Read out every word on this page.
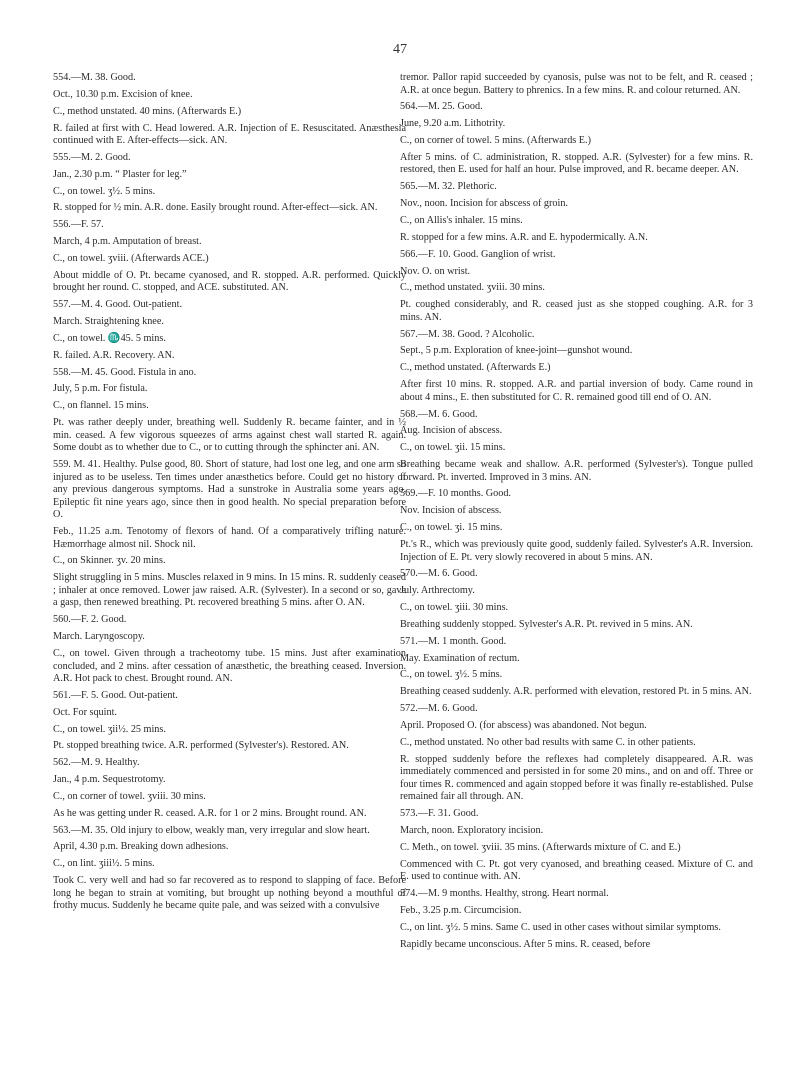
47

554.—M. 38. Good.

Oct., 10.30 p.m. Excision of knee.

C., method unstated. 40 mins. (Afterwards E.)

R. failed at first with C. Head lowered. A.R. Injection of E. Resuscitated. Anæsthesia continued with E. After-effects—sick. AN.

555.—M. 2. Good.

Jan., 2.30 p.m. “ Plaster for leg.”

C., on towel. ʒ½. 5 mins.

R. stopped for ½ min. A.R. done. Easily brought round. After-effect—sick. AN.

556.—F. 57.

March, 4 p.m. Amputation of breast.

C., on towel. ʒviii. (Afterwards ACE.)

About middle of O. Pt. became cyanosed, and R. stopped. A.R. performed. Quickly brought her round. C. stopped, and ACE. substituted. AN.

557.—M. 4. Good. Out-patient.

March. Straightening knee.

C., on towel. ♏45. 5 mins.

R. failed. A.R. Recovery. AN.

558.—M. 45. Good. Fistula in ano.

July, 5 p.m. For fistula.

C., on flannel. 15 mins.

Pt. was rather deeply under, breathing well. Suddenly R. became fainter, and in ½ min. ceased. A few vigorous squeezes of arms against chest wall started R. again. Some doubt as to whether due to C., or to cutting through the sphincter ani. AN.

559. M. 41. Healthy. Pulse good, 80. Short of stature, had lost one leg, and one arm so injured as to be useless. Ten times under anæsthetics before. Could get no history of any previous dangerous symptoms. Had a sunstroke in Australia some years ago. Epileptic fit nine years ago, since then in good health. No special preparation before O.

Feb., 11.25 a.m. Tenotomy of flexors of hand. Of a comparatively trifling nature. Hæmorrhage almost nil. Shock nil.

C., on Skinner. ʒv. 20 mins.

Slight struggling in 5 mins. Muscles relaxed in 9 mins. In 15 mins. R. suddenly ceased ; inhaler at once removed. Lower jaw raised. A.R. (Sylvester). In a second or so, gave a gasp, then renewed breathing. Pt. recovered breathing 5 mins. after O. AN.

560.—F. 2. Good.

March. Laryngoscopy.

C., on towel. Given through a tracheotomy tube. 15 mins. Just after examination concluded, and 2 mins. after cessation of anæsthetic, the breathing ceased. Inversion. A.R. Hot pack to chest. Brought round. AN.

561.—F. 5. Good. Out-patient.

Oct. For squint.

C., on towel. ʒii½. 25 mins.

Pt. stopped breathing twice. A.R. performed (Sylvester's). Restored. AN.

562.—M. 9. Healthy.

Jan., 4 p.m. Sequestrotomy.

C., on corner of towel. ʒviii. 30 mins.

As he was getting under R. ceased. A.R. for 1 or 2 mins. Brought round. AN.

563.—M. 35. Old injury to elbow, weakly man, very irregular and slow heart.

April, 4.30 p.m. Breaking down adhesions.

C., on lint. ʒiii½. 5 mins.

Took C. very well and had so far recovered as to respond to slapping of face. Before long he began to strain at vomiting, but brought up nothing beyond a mouthful of frothy mucus. Suddenly he became quite pale, and was seized with a convulsive

tremor. Pallor rapid succeeded by cyanosis, pulse was not to be felt, and R. ceased ; A.R. at once begun. Battery to phrenics. In a few mins. R. and colour returned. AN.

564.—M. 25. Good.

June, 9.20 a.m. Lithotrity.

C., on corner of towel. 5 mins. (Afterwards E.)

After 5 mins. of C. administration, R. stopped. A.R. (Sylvester) for a few mins. R. restored, then E. used for half an hour. Pulse improved, and R. became deeper. AN.

565.—M. 32. Plethoric.

Nov., noon. Incision for abscess of groin.

C., on Allis's inhaler. 15 mins.

R. stopped for a few mins. A.R. and E. hypodermically. A.N.

566.—F. 10. Good. Ganglion of wrist.

Nov. O. on wrist.

C., method unstated. ʒviii. 30 mins.

Pt. coughed considerably, and R. ceased just as she stopped coughing. A.R. for 3 mins. AN.

567.—M. 38. Good. ? Alcoholic.

Sept., 5 p.m. Exploration of knee-joint—gunshot wound.

C., method unstated. (Afterwards E.)

After first 10 mins. R. stopped. A.R. and partial inversion of body. Came round in about 4 mins., E. then substituted for C. R. remained good till end of O. AN.

568.—M. 6. Good.

Aug. Incision of abscess.

C., on towel. ʒii. 15 mins.

Breathing became weak and shallow. A.R. performed (Sylvester's). Tongue pulled forward. Pt. inverted. Improved in 3 mins. AN.

569.—F. 10 months. Good.

Nov. Incision of abscess.

C., on towel. ʒi. 15 mins.

Pt.'s R., which was previously quite good, suddenly failed. Sylvester's A.R. Inversion. Injection of E. Pt. very slowly recovered in about 5 mins. AN.

570.—M. 6. Good.

July. Arthrectomy.

C., on towel. ʒiii. 30 mins.

Breathing suddenly stopped. Sylvester's A.R. Pt. revived in 5 mins. AN.

571.—M. 1 month. Good.

May. Examination of rectum.

C., on towel. ʒ½. 5 mins.

Breathing ceased suddenly. A.R. performed with elevation, restored Pt. in 5 mins. AN.

572.—M. 6. Good.

April. Proposed O. (for abscess) was abandoned. Not begun.

C., method unstated. No other bad results with same C. in other patients.

R. stopped suddenly before the reflexes had completely disappeared. A.R. was immediately commenced and persisted in for some 20 mins., and on and off. Three or four times R. commenced and again stopped before it was finally re-established. Pulse remained fair all through. AN.

573.—F. 31. Good.

March, noon. Exploratory incision.

C. Meth., on towel. ʒviii. 35 mins. (Afterwards mixture of C. and E.)

Commenced with C. Pt. got very cyanosed, and breathing ceased. Mixture of C. and E. used to continue with. AN.

574.—M. 9 months. Healthy, strong. Heart normal.

Feb., 3.25 p.m. Circumcision.

C., on lint. ʒ½. 5 mins. Same C. used in other cases without similar symptoms.

Rapidly became unconscious. After 5 mins. R. ceased, before
